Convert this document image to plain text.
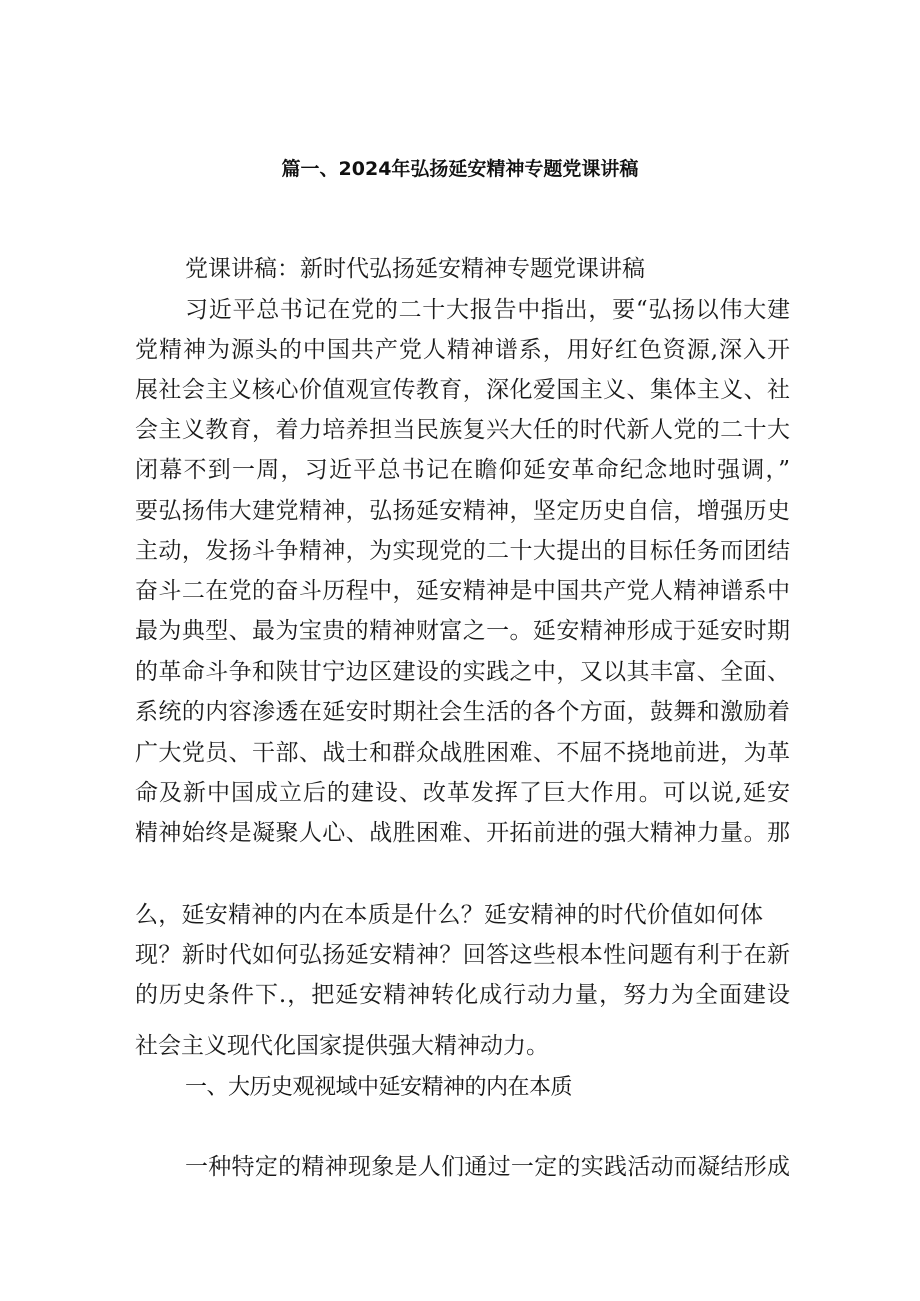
篇一、2024年弘扬延安精神专题党课讲稿
党课讲稿：新时代弘扬延安精神专题党课讲稿
习近平总书记在党的二十大报告中指出，要“弘扬以伟大建
党精神为源头的中国共产党人精神谱系，用好红色资源,深入开
展社会主义核心价值观宣传教育，深化爱国主义、集体主义、社
会主义教育，着力培养担当民族复兴大任的时代新人党的二十大
闭幕不到一周，习近平总书记在瞻仰延安革命纪念地时强调，”
要弘扬伟大建党精神，弘扬延安精神，坚定历史自信，增强历史
主动，发扬斗争精神，为实现党的二十大提出的目标任务而团结
奋斗二在党的奋斗历程中，延安精神是中国共产党人精神谱系中
最为典型、最为宝贵的精神财富之一。延安精神形成于延安时期
的革命斗争和陕甘宁边区建设的实践之中，又以其丰富、全面、
系统的内容渗透在延安时期社会生活的各个方面，鼓舞和激励着
广大党员、干部、战士和群众战胜困难、不屈不挠地前进，为革
命及新中国成立后的建设、改革发挥了巨大作用。可以说,延安
精神始终是凝聚人心、战胜困难、开拓前进的强大精神力量。那
么，延安精神的内在本质是什么？延安精神的时代价值如何体
现？新时代如何弘扬延安精神？回答这些根本性问题有利于在新
的历史条件下.，把延安精神转化成行动力量，努力为全面建设
社会主义现代化国家提供强大精神动力。
一、大历史观视域中延安精神的内在本质
一种特定的精神现象是人们通过一定的实践活动而凝结形成
